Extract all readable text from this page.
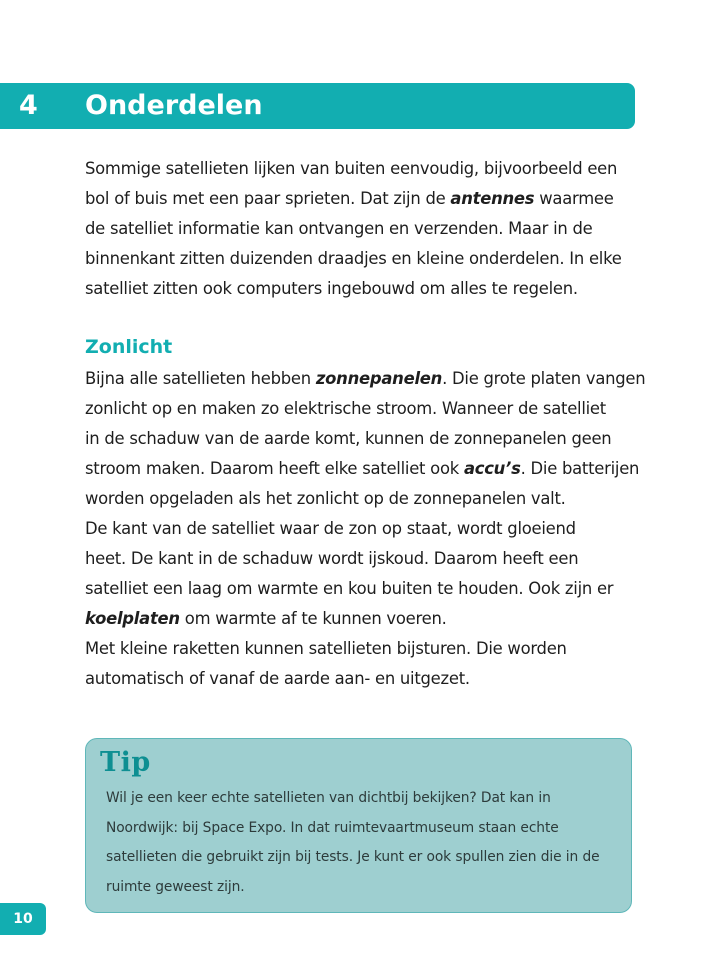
4 Onderdelen

Sommige satellieten lijken van buiten eenvoudig, bijvoorbeeld een

bol of buis met een paar sprieten. Dat zijn de antennes waarmee

de satelliet informatie kan ontvangen en verzenden. Maar in de

binnenkant zitten duizenden draadjes en kleine onderdelen. In elke

satelliet zitten ook computers ingebouwd om alles te regelen.

Zonlicht

Bijna alle satellieten hebben zonnepanelen. Die grote platen vangen

zonlicht op en maken zo elektrische stroom. Wanneer de satelliet

in de schaduw van de aarde komt, kunnen de zonnepanelen geen

stroom maken. Daarom heeft elke satelliet ook accu’s. Die batterijen

worden opgeladen als het zonlicht op de zonnepanelen valt.

De kant van de satelliet waar de zon op staat, wordt gloeiend

heet. De kant in de schaduw wordt ijskoud. Daarom heeft een

satelliet een laag om warmte en kou buiten te houden. Ook zijn er

koelplaten om warmte af te kunnen voeren.

Met kleine raketten kunnen satellieten bijsturen. Die worden

automatisch of vanaf de aarde aan- en uitgezet.

Tip

Wil je een keer echte satellieten van dichtbij bekijken? Dat kan in

Noordwijk: bij Space Expo. In dat ruimtevaartmuseum staan echte

satellieten die gebruikt zijn bij tests. Je kunt er ook spullen zien die in de

ruimte geweest zijn.

10
